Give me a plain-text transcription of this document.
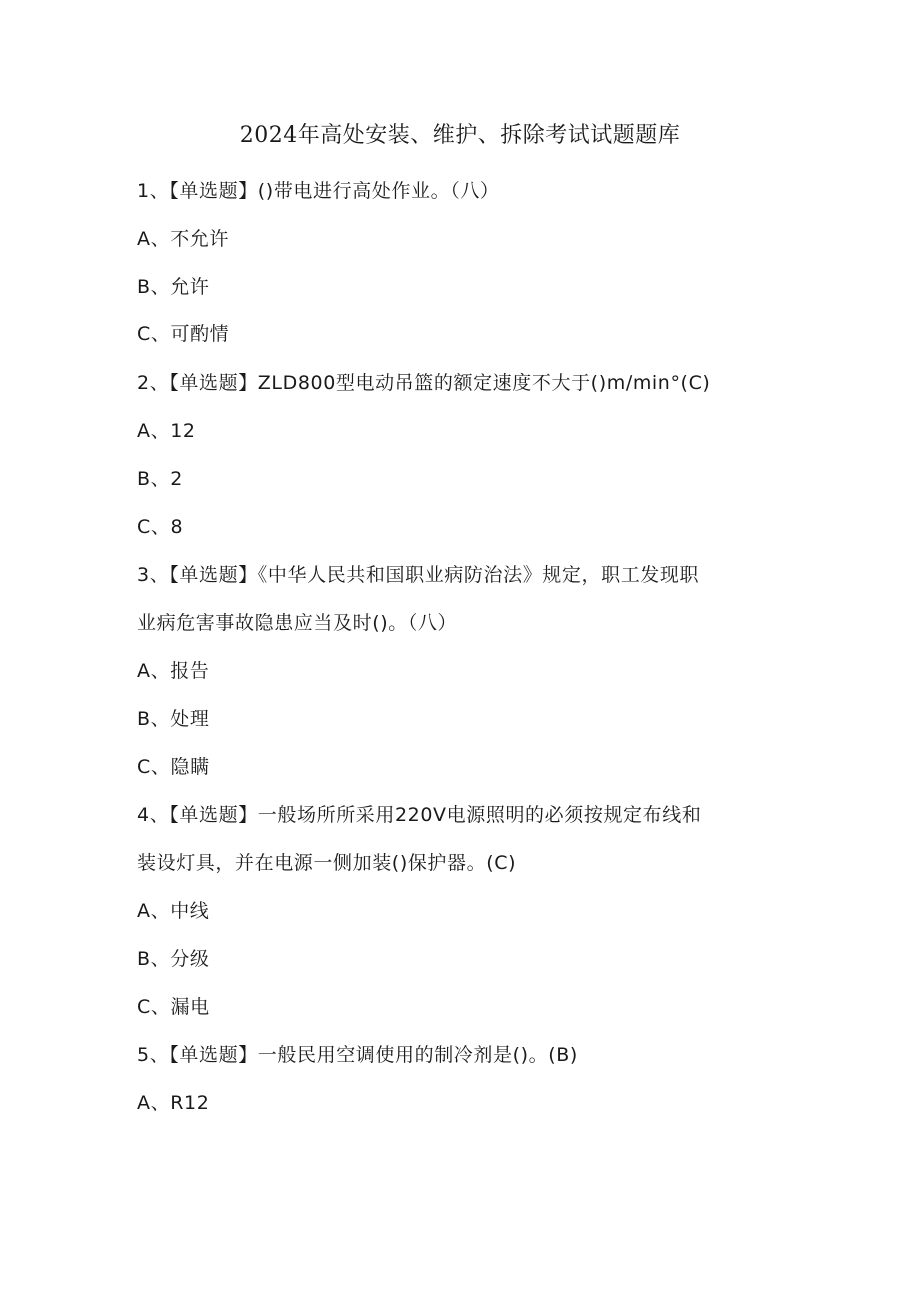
2024年高处安装、维护、拆除考试试题题库
1、【单选题】()带电进行高处作业。（八）
A、不允许
B、允许
C、可酌情
2、【单选题】ZLD800型电动吊篮的额定速度不大于()m∕min°(C)
A、12
B、2
C、8
3、【单选题】《中华人民共和国职业病防治法》规定，职工发现职
业病危害事故隐患应当及时()。（八）
A、报告
B、处理
C、隐瞒
4、【单选题】一般场所所采用220V电源照明的必须按规定布线和
装设灯具，并在电源一侧加装()保护器。(C)
A、中线
B、分级
C、漏电
5、【单选题】一般民用空调使用的制冷剂是()。(B)
A、R12
